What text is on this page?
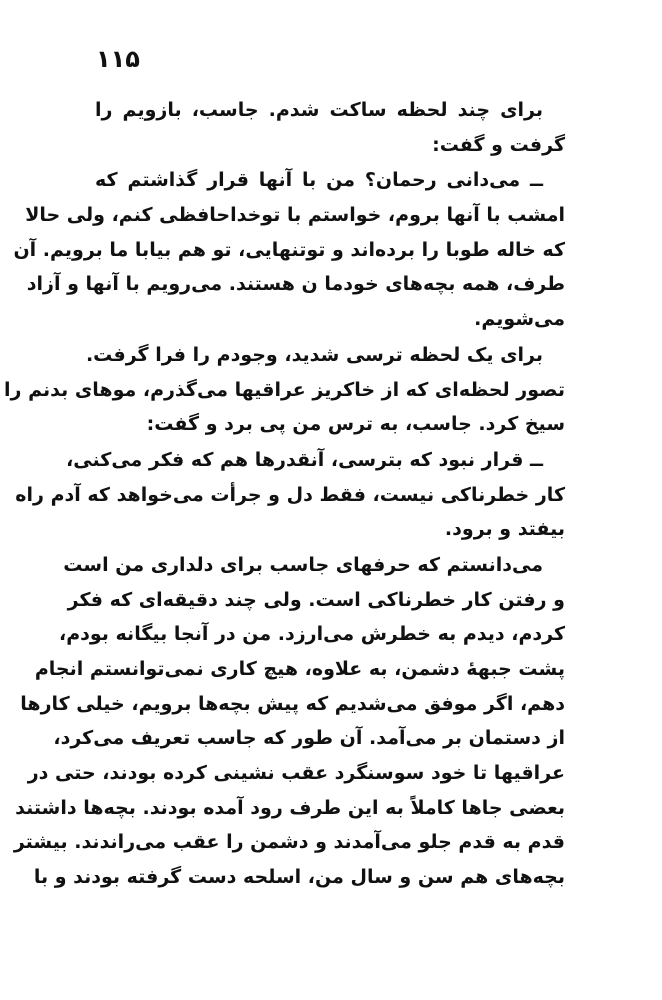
۱۱۵
برای چند لحظه ساکت شدم. جاسب، بازویم را
گرفت و گفت:
ــ می‌دانی رحمان؟ من با آنها قرار گذاشتم که
امشب با آنها بروم، خواستم با توخداحافظی کنم، ولی حالا
که خاله طوبا را برده‌اند و توتنهایی، تو هم بیابا ما برویم. آن
طرف، همه بچه‌های خودما ن هستند. می‌رویم با آنها و آزاد
می‌شویم.
برای یک لحظه ترسی شدید، وجودم را فرا گرفت.
تصور لحظه‌ای که از خاکریز عراقیها می‌گذرم، موهای بدنم را
سیخ کرد. جاسب، به ترس من پی برد و گفت:
ــ قرار نبود که بترسی، آنقدرها هم که فکر می‌کنی،
کار خطرناکی نیست، فقط دل و جرأت می‌خواهد که آدم راه
بیفتد و برود.
می‌دانستم که حرفهای جاسب برای دلداری من است
و رفتن کار خطرناکی است. ولی چند دقیقه‌ای که فکر
کردم، دیدم به خطرش می‌ارزد. من در آنجا بیگانه بودم،
پشت جبههٔ دشمن، به علاوه، هیچ کاری نمی‌توانستم انجام
دهم، اگر موفق می‌شدیم که پیش بچه‌ها برویم، خیلی کارها
از دستمان بر می‌آمد. آن طور که جاسب تعریف می‌کرد،
عراقیها تا خود سوسنگرد عقب نشینی کرده بودند، حتی در
بعضی جاها کاملاً به این طرف رود آمده بودند. بچه‌ها داشتند
قدم به قدم جلو می‌آمدند و دشمن را عقب می‌راندند. بیشتر
بچه‌های هم سن و سال من، اسلحه دست گرفته بودند و با
